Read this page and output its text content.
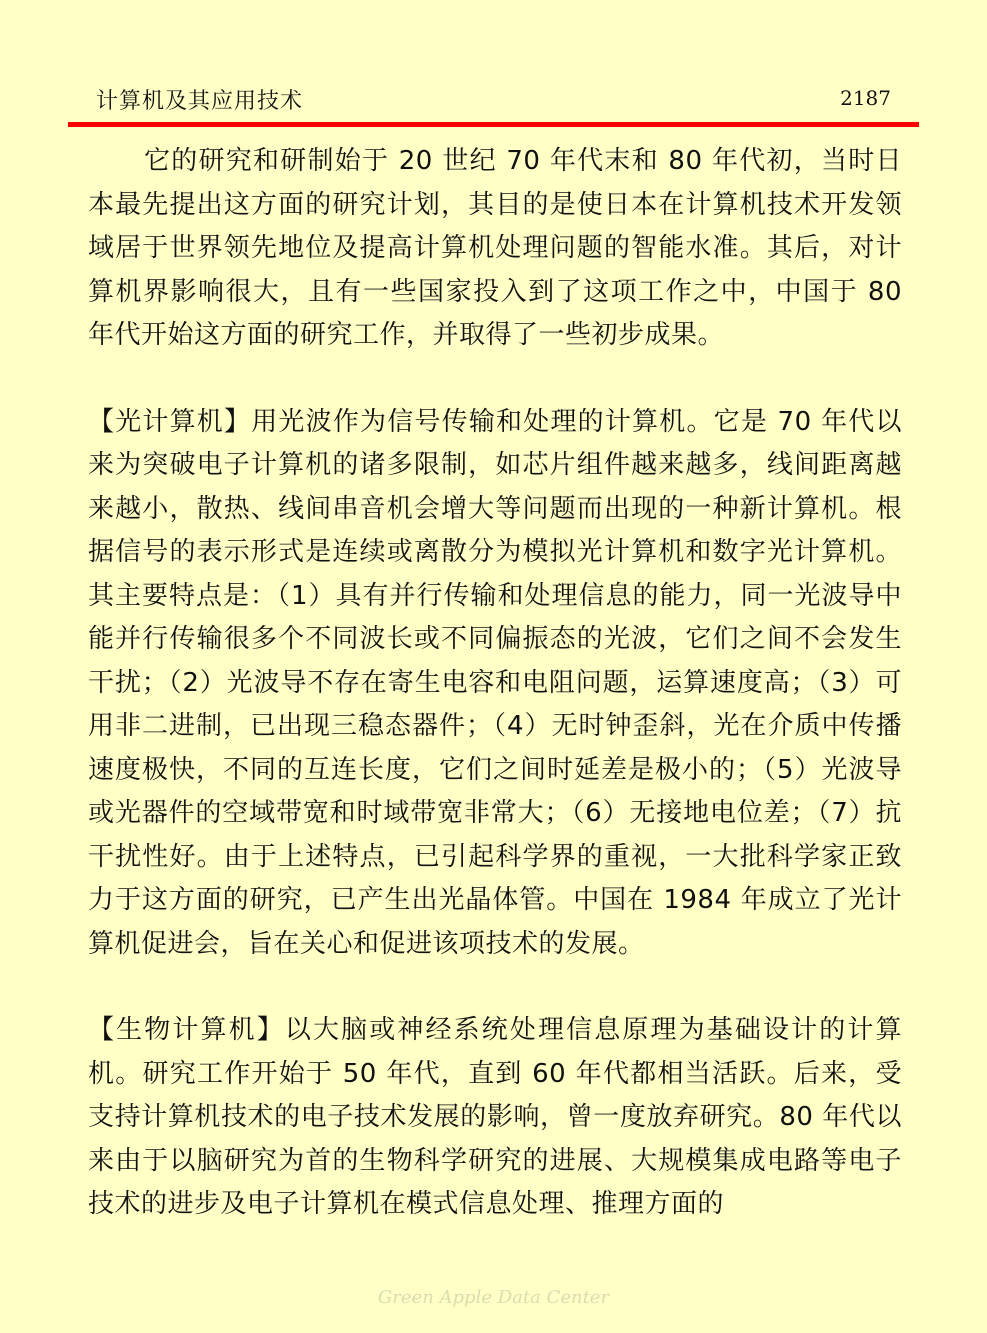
计算机及其应用技术	2187

它的研究和研制始于 20 世纪 70 年代末和 80 年代初，当时日本最先提出这方面的研究计划，其目的是使日本在计算机技术开发领域居于世界领先地位及提高计算机处理问题的智能水准。其后，对计算机界影响很大，且有一些国家投入到了这项工作之中，中国于 80 年代开始这方面的研究工作，并取得了一些初步成果。

【光计算机】用光波作为信号传输和处理的计算机。它是 70 年代以来为突破电子计算机的诸多限制，如芯片组件越来越多，线间距离越来越小，散热、线间串音机会增大等问题而出现的一种新计算机。根据信号的表示形式是连续或离散分为模拟光计算机和数字光计算机。其主要特点是：（1）具有并行传输和处理信息的能力，同一光波导中能并行传输很多个不同波长或不同偏振态的光波，它们之间不会发生干扰；（2）光波导不存在寄生电容和电阻问题，运算速度高；（3）可用非二进制，已出现三稳态器件；（4）无时钟歪斜，光在介质中传播速度极快，不同的互连长度，它们之间时延差是极小的；（5）光波导或光器件的空域带宽和时域带宽非常大；（6）无接地电位差；（7）抗干扰性好。由于上述特点，已引起科学界的重视，一大批科学家正致力于这方面的研究，已产生出光晶体管。中国在 1984 年成立了光计算机促进会，旨在关心和促进该项技术的发展。

【生物计算机】以大脑或神经系统处理信息原理为基础设计的计算机。研究工作开始于 50 年代，直到 60 年代都相当活跃。后来，受支持计算机技术的电子技术发展的影响，曾一度放弃研究。80 年代以来由于以脑研究为首的生物科学研究的进展、大规模集成电路等电子技术的进步及电子计算机在模式信息处理、推理方面的

Green Apple Data Center
